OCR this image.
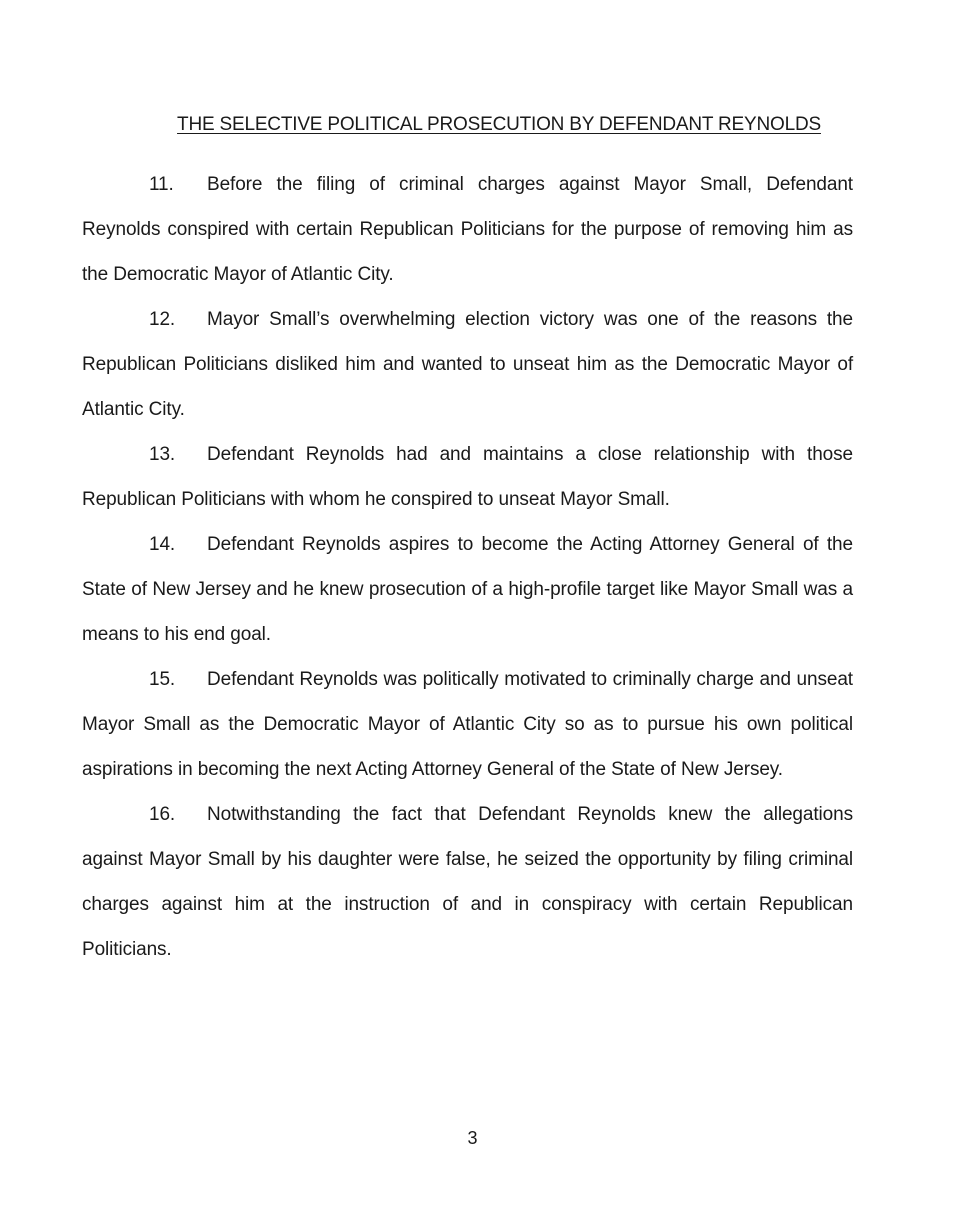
THE SELECTIVE POLITICAL PROSECUTION BY DEFENDANT REYNOLDS

11. Before the filing of criminal charges against Mayor Small, Defendant Reynolds conspired with certain Republican Politicians for the purpose of removing him as the Democratic Mayor of Atlantic City.

12. Mayor Small’s overwhelming election victory was one of the reasons the Republican Politicians disliked him and wanted to unseat him as the Democratic Mayor of Atlantic City.

13. Defendant Reynolds had and maintains a close relationship with those Republican Politicians with whom he conspired to unseat Mayor Small.

14. Defendant Reynolds aspires to become the Acting Attorney General of the State of New Jersey and he knew prosecution of a high-profile target like Mayor Small was a means to his end goal.

15. Defendant Reynolds was politically motivated to criminally charge and unseat Mayor Small as the Democratic Mayor of Atlantic City so as to pursue his own political aspirations in becoming the next Acting Attorney General of the State of New Jersey.

16. Notwithstanding the fact that Defendant Reynolds knew the allegations against Mayor Small by his daughter were false, he seized the opportunity by filing criminal charges against him at the instruction of and in conspiracy with certain Republican Politicians.

3
